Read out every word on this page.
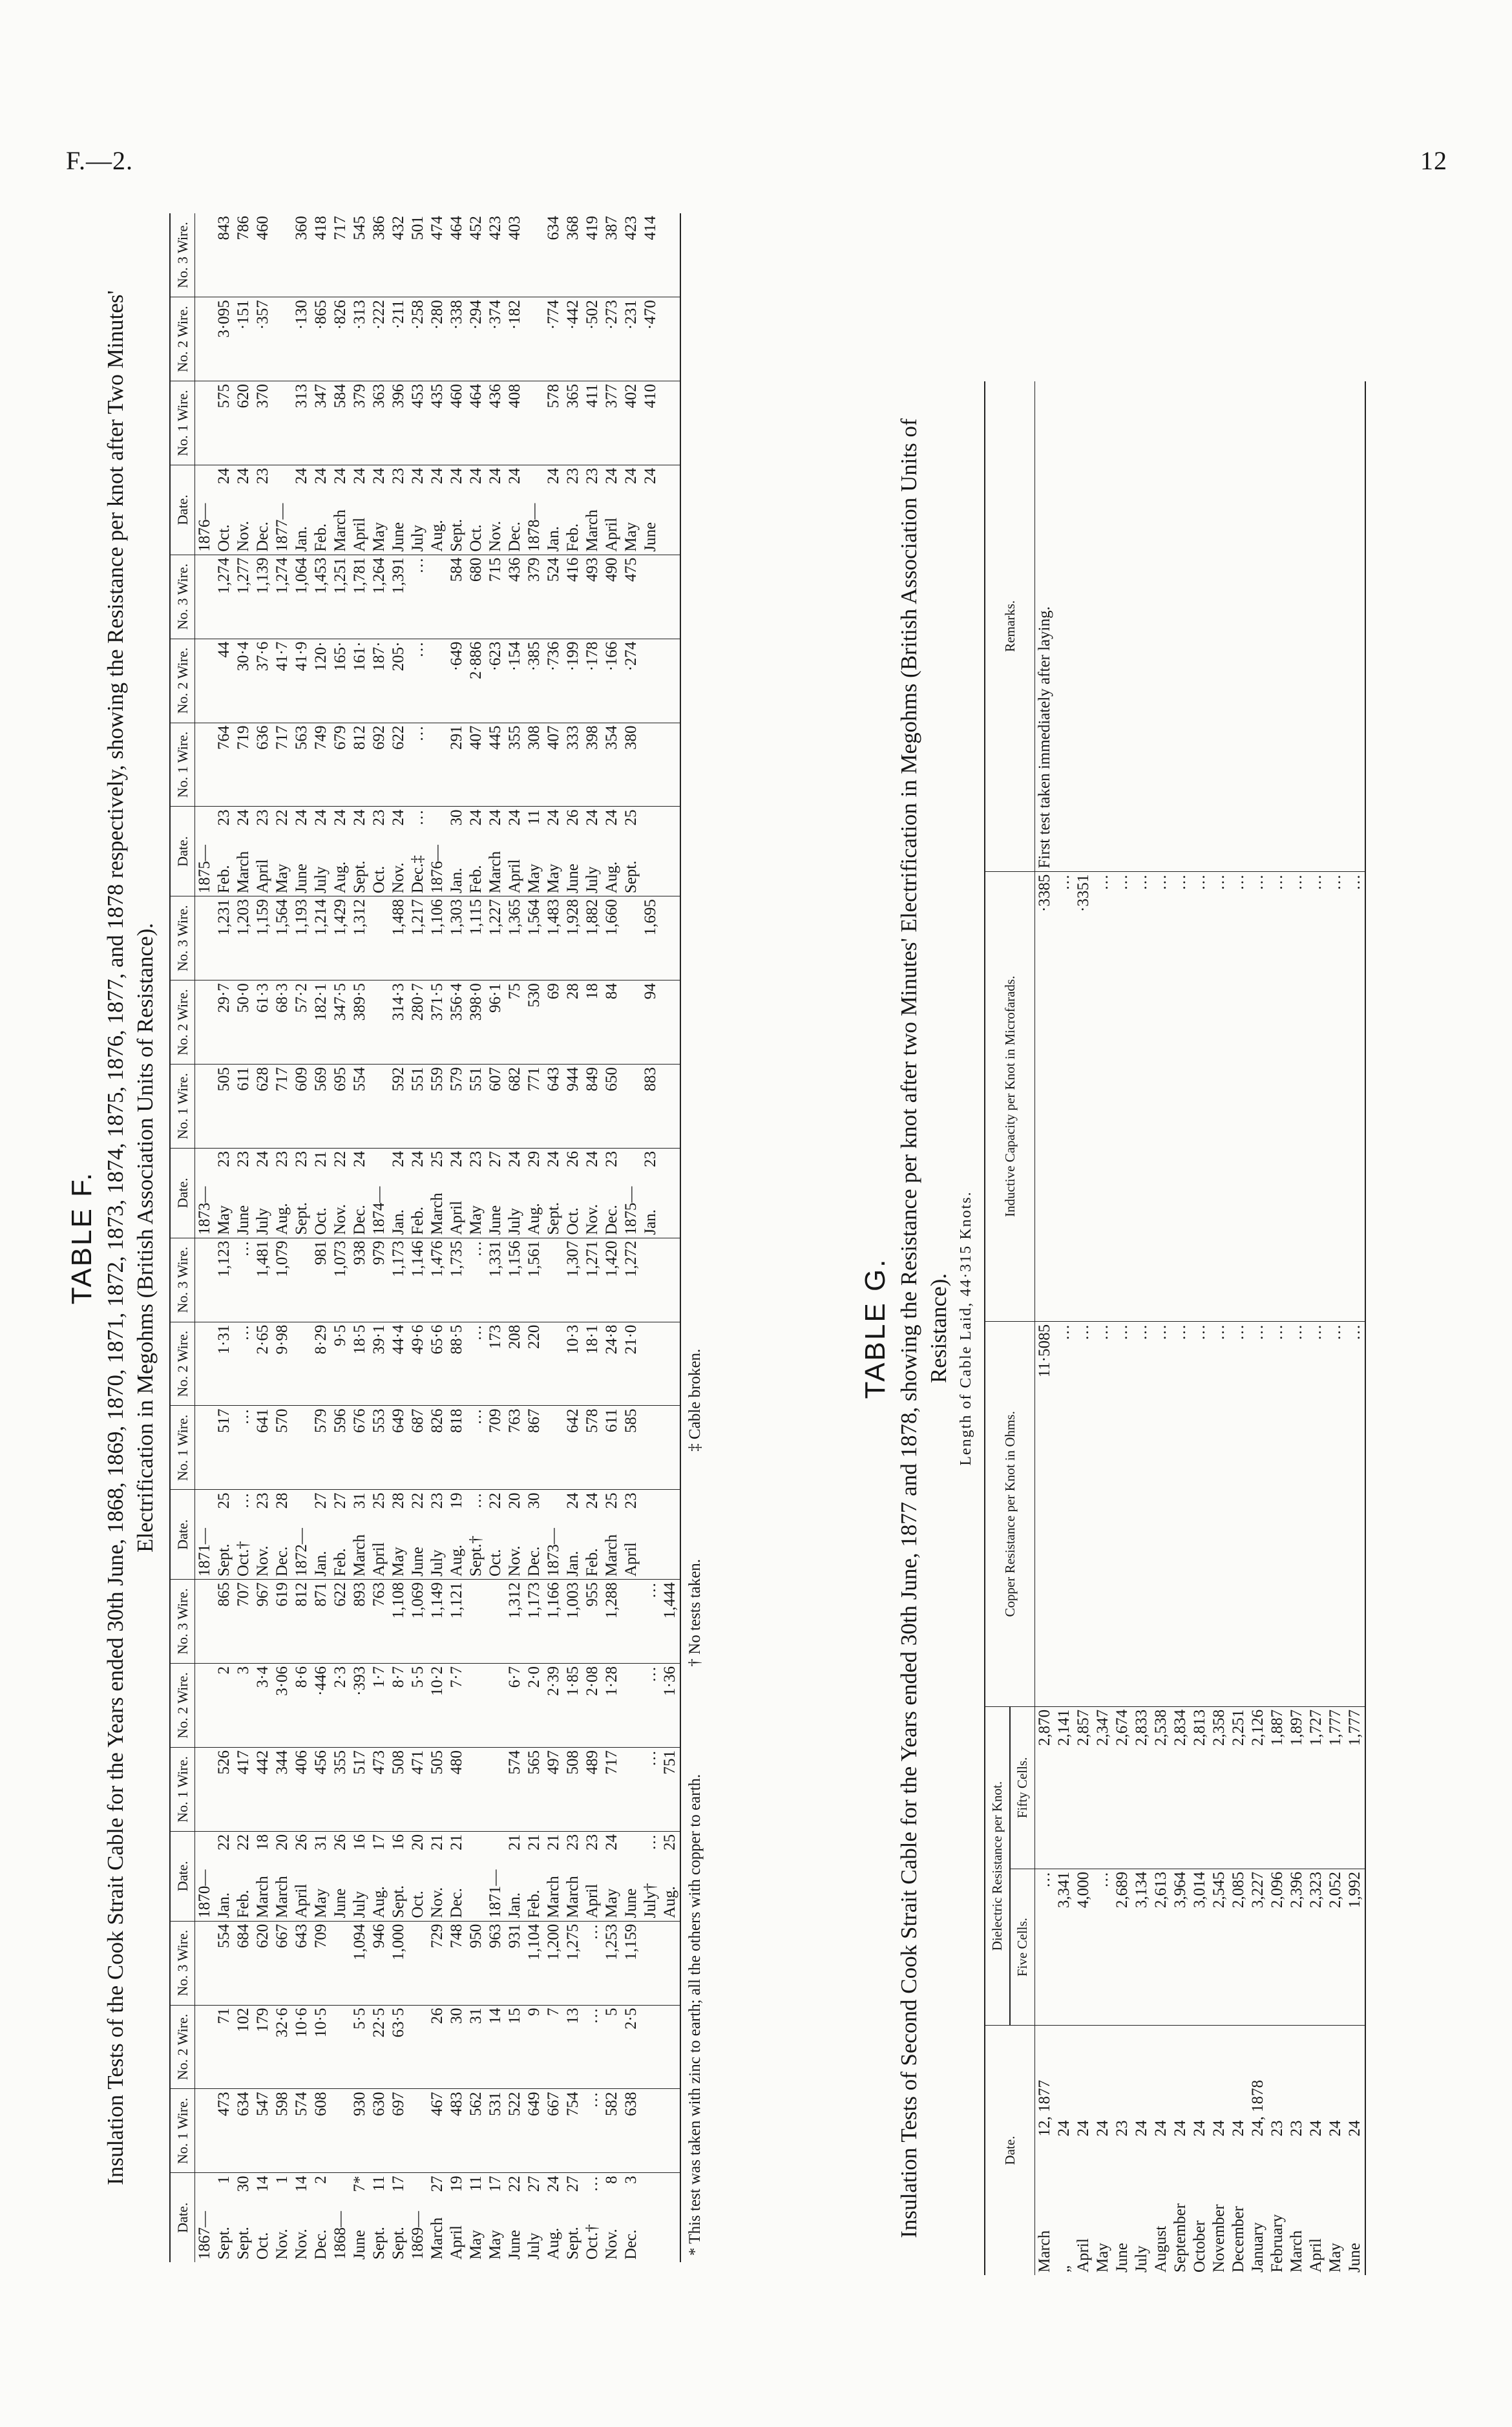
F.—2.	12
TABLE F. Insulation Tests of the Cook Strait Cable for the Years ended 30th June, 1868, 1869, 1870, 1871, 1872, 1873, 1874, 1875, 1876, 1877, and 1878 respectively, showing the Resistance per knot after Two Minutes' Electrification in Megohms (British Association Units of Resistance).
Date.		No. 1 Wire.	No. 2 Wire.	No. 3 Wire.	Date.		No. 1 Wire.	No. 2 Wire.	No. 3 Wire.	Date.		No. 1 Wire.	No. 2 Wire.	No. 3 Wire.	Date.		No. 1 Wire.	No. 2 Wire.	No. 3 Wire.	Date.		No. 1 Wire.	No. 2 Wire.	No. 3 Wire.	Date.		No. 1 Wire.	No. 2 Wire.	No. 3 Wire.
1867—					1870—					1871—					1873—					1875—					1876—				
Sept.	1	473	71	554	Jan.	22	526	2	865	Sept.	25	517	1·31	1,123	May	23	505	29·7	1,231	Feb.	23	764	44	1,274	Oct.	24	575	3·095	843
Sept.	30	634	102	684	Feb.	22	417	3	707	Oct.†	…	…	…	…	June	23	611	50·0	1,203	March	24	719	30·4	1,277	Nov.	24	620	·151	786
Oct.	14	547	179	620	March	18	442	3·4	967	Nov.	23	641	2·65	1,481	July	24	628	61·3	1,159	April	23	636	37·6	1,139	Dec.	23	370	·357	460
Nov.	1	598	32·6	667	March	20	344	3·06	619	Dec.	28	570	9·98	1,079	Aug.	23	717	68·3	1,564	May	22	717	41·7	1,274	1877—				
Nov.	14	574	10·6	643	April	26	406	8·6	812	1872—					Sept.	23	609	57·2	1,193	June	24	563	41·9	1,064	Jan.	24	313	·130	360
Dec.	2	608	10·5	709	May	31	456	·446	871	Jan.	27	579	8·29	981	Oct.	21	569	182·1	1,214	July	24	749	120·	1,453	Feb.	24	347	·865	418
1868—					June	26	355	2·3	622	Feb.	27	596	9·5	1,073	Nov.	22	695	347·5	1,429	Aug.	24	679	165·	1,251	March	24	584	·826	717
June	7*	930	5·5	1,094	July	16	517	·393	893	March	31	676	18·5	938	Dec.	24	554	389·5	1,312	Sept.	24	812	161·	1,781	April	24	379	·313	545
Sept.	11	630	22·5	946	Aug.	17	473	1·7	763	April	25	553	39·1	979	1874—					Oct.	23	692	187·	1,264	May	24	363	·222	386
Sept.	17	697	63·5	1,000	Sept.	16	508	8·7	1,108	May	28	649	44·4	1,173	Jan.	24	592	314·3	1,488	Nov.	24	622	205·	1,391	June	23	396	·211	432
1869—					Oct.	20	471	5·5	1,069	June	22	687	49·6	1,146	Feb.	24	551	280·7	1,217	Dec.‡	…	…	…	…	July	24	453	·258	501
March	27	467	26	729	Nov.	21	505	10·2	1,149	July	23	826	65·6	1,476	March	25	559	371·5	1,106	1876—					Aug.	24	435	·280	474
April	19	483	30	748	Dec.	21	480	7·7	1,121	Aug.	19	818	88·5	1,735	April	24	579	356·4	1,303	Jan.	30	291	·649	584	Sept.	24	460	·338	464
May	11	562	31	950						Sept.†	…	…	…	…	May	23	551	398·0	1,115	Feb.	24	407	2·886	680	Oct.	24	464	·294	452
May	17	531	14	963	1871—					Oct.	22	709	173	1,331	June	27	607	96·1	1,227	March	24	445	·623	715	Nov.	24	436	·374	423
June	22	522	15	931	Jan.	21	574	6·7	1,312	Nov.	20	763	208	1,156	July	24	682	75	1,365	April	24	355	·154	436	Dec.	24	408	·182	403
July	27	649	9	1,104	Feb.	21	565	2·0	1,173	Dec.	30	867	220	1,561	Aug.	29	771	530	1,564	May	11	308	·385	379	1878—				
Aug.	24	667	7	1,200	March	21	497	2·39	1,166	1873—					Sept.	24	643	69	1,483	May	24	407	·736	524	Jan.	24	578	·774	634
Sept.	27	754	13	1,275	March	23	508	1·85	1,003	Jan.	24	642	10·3	1,307	Oct.	26	944	28	1,928	June	26	333	·199	416	Feb.	23	365	·442	368
Oct.†	…	…	…	…	April	23	489	2·08	955	Feb.	24	578	18·1	1,271	Nov.	24	849	18	1,882	July	24	398	·178	493	March	23	411	·502	419
Nov.	8	582	5	1,253	May	24	717	1·28	1,288	March	25	611	24·8	1,420	Dec.	23	650	84	1,660	Aug.	24	354	·166	490	April	24	377	·273	387
Dec.	3	638	2·5	1,159	June					April	23	585	21·0	1,272	1875—					Sept.	25	380	·274	475	May	24	402	·231	423
					July†	…	…	…	…						Jan.	23	883	94	1,695						June	24	410	·470	414
					Aug.	25	751	1·36	1,444																				
* This test was taken with zinc to earth; all the others with copper to earth. † No tests taken. ‡ Cable broken.
TABLE G. Insulation Tests of Second Cook Strait Cable for the Years ended 30th June, 1877 and 1878, showing the Resistance per knot after two Minutes' Electrification in Megohms (British Association Units of Resistance). Length of Cable Laid, 44·315 Knots.
Date.		Dielectric Resistance per Knot.		Copper Resistance per Knot in Ohms.	Inductive Capacity per Knot in Microfarads.	Remarks.
		Five Cells.	Fifty Cells.			
March	12, 1877	…	2,870	11·5085	·3385	First test taken immediately after laying.
„	24	3,341	2,141	…	…	
April	24	4,000	2,857	…	·3351	
May	24	…	2,347	…	…	
June	23	2,689	2,674	…	…	
July	24	3,134	2,833	…	…	
August	24	2,613	2,538	…	…	
September	24	3,964	2,834	…	…	
October	24	3,014	2,813	…	…	
November	24	2,545	2,358	…	…	
December	24	2,085	2,251	…	…	
January	24, 1878	3,227	2,126	…	…	
February	23	2,096	1,887	…	…	
March	23	2,396	1,897	…	…	
April	24	2,323	1,727	…	…	
May	24	2,052	1,777	…	…	
June	24	1,992	1,777	…	…	
